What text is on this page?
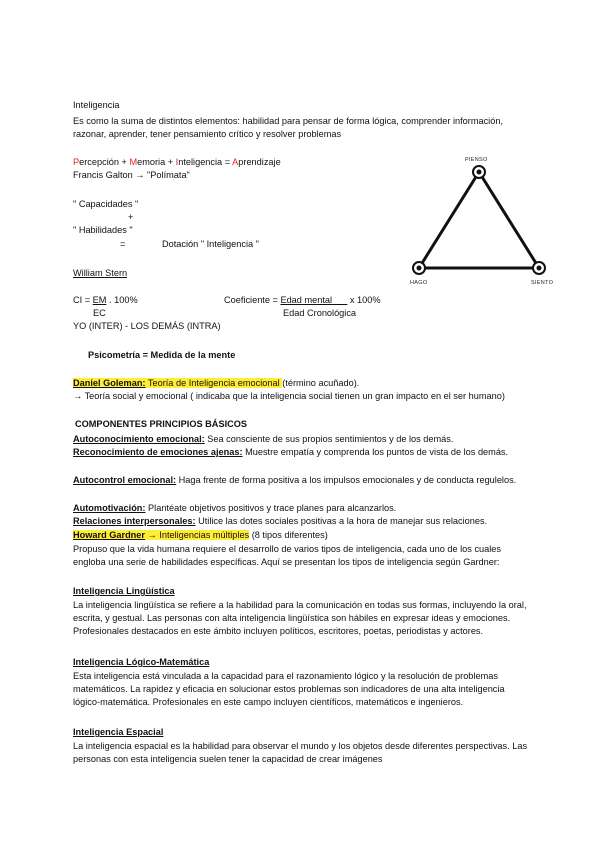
Inteligencia
Es como la suma de distintos elementos: habilidad para pensar de forma lógica, comprender información, razonar, aprender, tener pensamiento crítico y resolver problemas
Percepción + Memoria + Inteligencia = Aprendizaje
Francis Galton → "Polímata"
" Capacidades "
+
" Habilidades "
=	Dotación " Inteligencia "
William Stern
CI = EM . 100%
EC
Coeficiente = Edad mental       x 100%
Edad Cronológica
YO (INTER) - LOS DEMÁS (INTRA)
Psicometría = Medida de la mente
Daniel Goleman: Teoría de Inteligencia emocional (término acuñado).
→ Teoría social y emocional ( indicaba que la inteligencia social tienen un gran impacto en el ser humano)
COMPONENTES PRINCIPIOS BÁSICOS
Autoconocimiento emocional: Sea consciente de sus propios sentimientos y de los demás.
Reconocimiento de emociones ajenas: Muestre empatía y comprenda los puntos de vista de los demás.
Autocontrol emocional: Haga frente de forma positiva a los impulsos emocionales y de conducta regulelos.
Automotivación: Plantéate objetivos positivos y trace planes para alcanzarlos.
Relaciones interpersonales: Utilice las dotes sociales positivas a la hora de manejar sus relaciones.
Howard Gardner → Inteligencias múltiples (8 tipos diferentes)
Propuso que la vida humana requiere el desarrollo de varios tipos de inteligencia, cada uno de los cuales engloba una serie de habilidades específicas. Aquí se presentan los tipos de inteligencia según Gardner:
Inteligencia Lingüística
La inteligencia lingüística se refiere a la habilidad para la comunicación en todas sus formas, incluyendo la oral, escrita, y gestual. Las personas con alta inteligencia lingüística son hábiles en expresar ideas y emociones. Profesionales destacados en este ámbito incluyen políticos, escritores, poetas, periodistas y actores.
Inteligencia Lógico-Matemática
Esta inteligencia está vinculada a la capacidad para el razonamiento lógico y la resolución de problemas matemáticos. La rapidez y eficacia en solucionar estos problemas son indicadores de una alta inteligencia lógico-matemática. Profesionales en este campo incluyen científicos, matemáticos e ingenieros.
Inteligencia Espacial
La inteligencia espacial es la habilidad para observar el mundo y los objetos desde diferentes perspectivas. Las personas con esta inteligencia suelen tener la capacidad de crear imágenes
PIENSO
HAGO	SIENTO
